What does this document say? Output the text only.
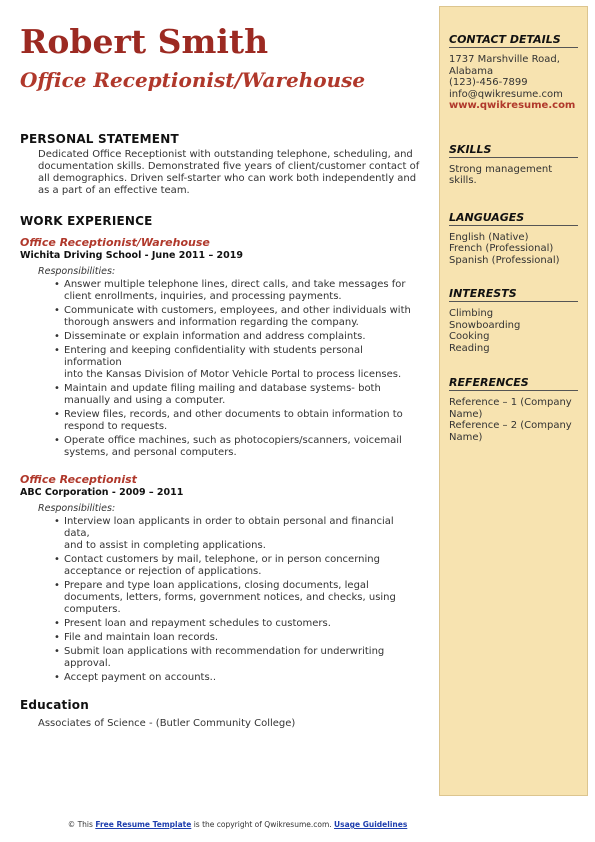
Robert Smith
Office Receptionist/Warehouse
PERSONAL STATEMENT
Dedicated Office Receptionist with outstanding telephone, scheduling, and
documentation skills. Demonstrated five years of client/customer contact of
all demographics. Driven self-starter who can work both independently and
as a part of an effective team.
WORK EXPERIENCE

Office Receptionist/Warehouse

Wichita Driving School - June 2011 – 2019

Responsibilities:

• Answer multiple telephone lines, direct calls, and take messages for
client enrollments, inquiries, and processing payments.
• Communicate with customers, employees, and other individuals with
thorough answers and information regarding the company.
• Disseminate or explain information and address complaints.
• Entering and keeping confidentiality with students personal information
into the Kansas Division of Motor Vehicle Portal to process licenses.
• Maintain and update filing mailing and database systems- both
manually and using a computer.
• Review files, records, and other documents to obtain information to
respond to requests.
• Operate office machines, such as photocopiers/scanners, voicemail
systems, and personal computers.

Office Receptionist

ABC Corporation - 2009 – 2011

Responsibilities:

• Interview loan applicants in order to obtain personal and financial data,
and to assist in completing applications.
• Contact customers by mail, telephone, or in person concerning
acceptance or rejection of applications.
• Prepare and type loan applications, closing documents, legal
documents, letters, forms, government notices, and checks, using
computers.
• Present loan and repayment schedules to customers.
• File and maintain loan records.
• Submit loan applications with recommendation for underwriting
approval.
• Accept payment on accounts..
Education

Associates of Science - (Butler Community College)

CONTACT DETAILS
1737 Marshville Road,
Alabama
(123)-456-7899
info@qwikresume.com
www.qwikresume.com
SKILLS
Strong management
skills.
LANGUAGES
English (Native)
French (Professional)
Spanish (Professional)
INTERESTS
Climbing
Snowboarding
Cooking
Reading
REFERENCES
Reference – 1 (Company
Name)
Reference – 2 (Company
Name)
© This Free Resume Template is the copyright of Qwikresume.com. Usage Guidelines
